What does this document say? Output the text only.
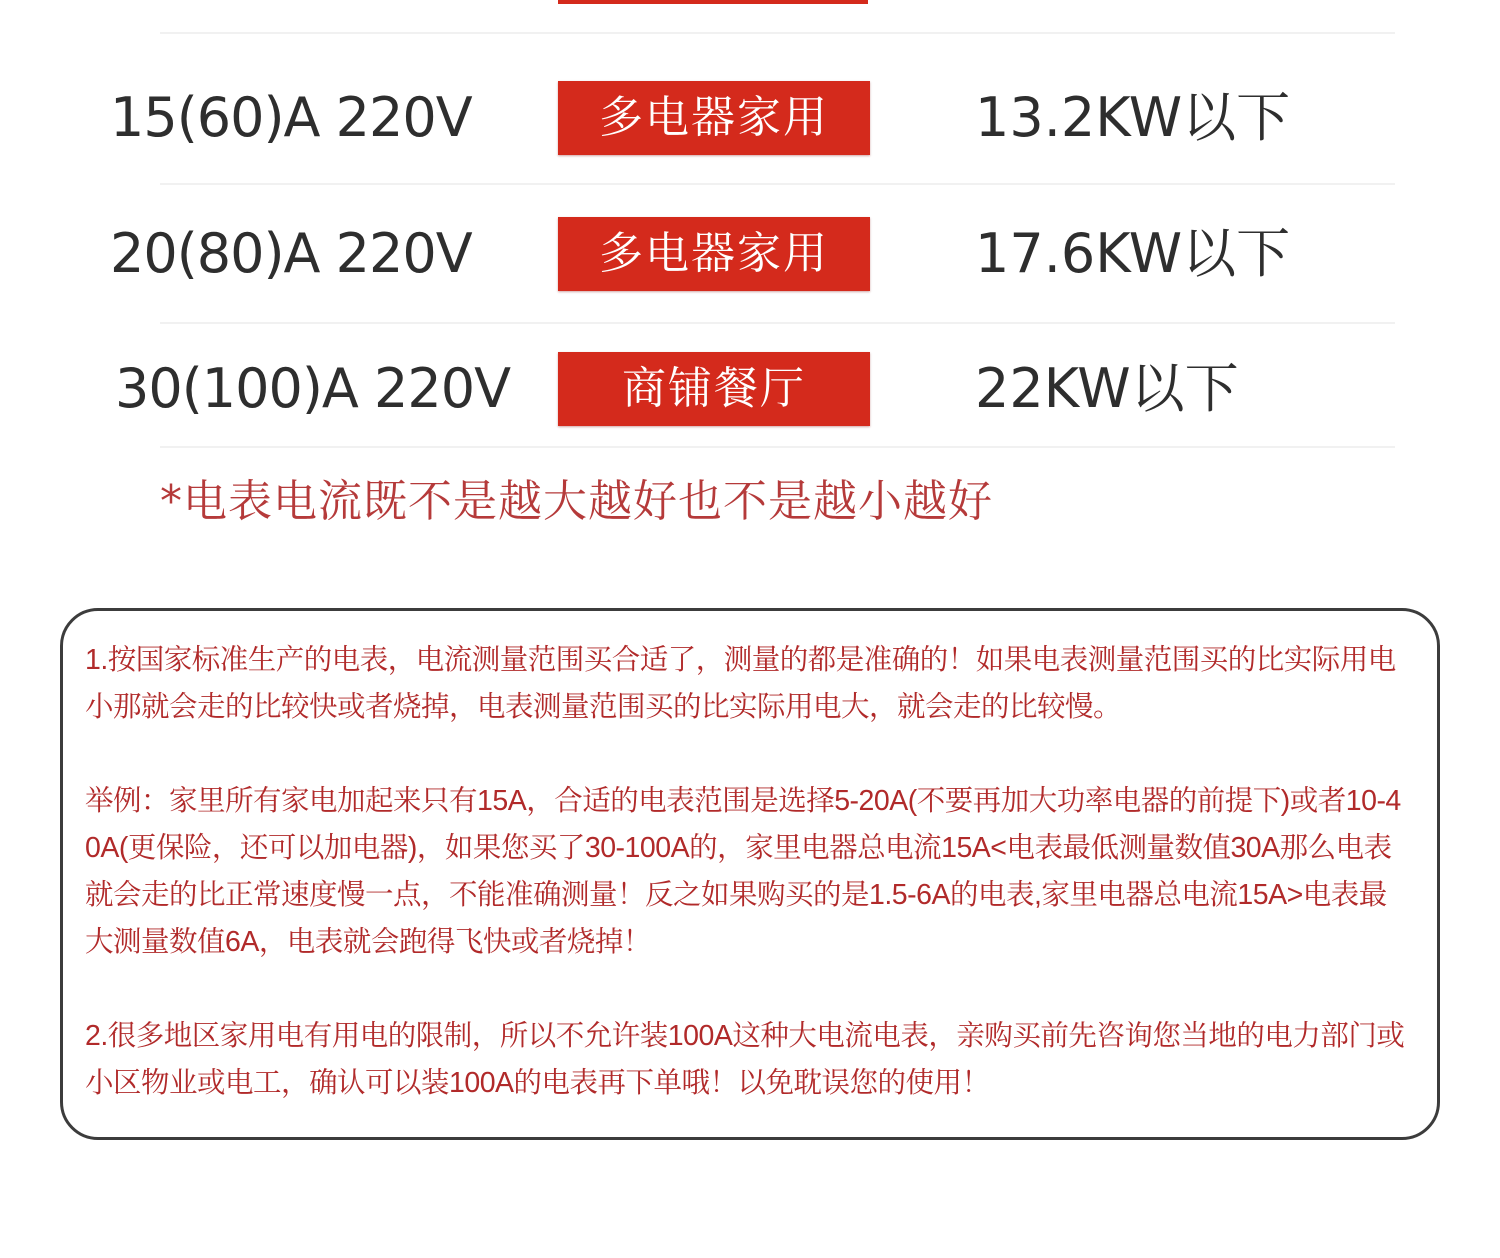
15(60)A 220V	多电器家用	13.2KW以下
20(80)A 220V	多电器家用	17.6KW以下
30(100)A 220V	商铺餐厅	22KW以下
*电表电流既不是越大越好也不是越小越好

1.按国家标准生产的电表，电流测量范围买合适了，测量的都是准确的！如果电表测量范围买的比实际用电小那就会走的比较快或者烧掉，电表测量范围买的比实际用电大，就会走的比较慢。

举例：家里所有家电加起来只有15A，合适的电表范围是选择5-20A(不要再加大功率电器的前提下)或者10-40A(更保险，还可以加电器)，如果您买了30-100A的，家里电器总电流15A<电表最低测量数值30A那么电表就会走的比正常速度慢一点，不能准确测量！反之如果购买的是1.5-6A的电表,家里电器总电流15A>电表最大测量数值6A，电表就会跑得飞快或者烧掉！

2.很多地区家用电有用电的限制，所以不允许装100A这种大电流电表，亲购买前先咨询您当地的电力部门或小区物业或电工，确认可以装100A的电表再下单哦！以免耽误您的使用！
